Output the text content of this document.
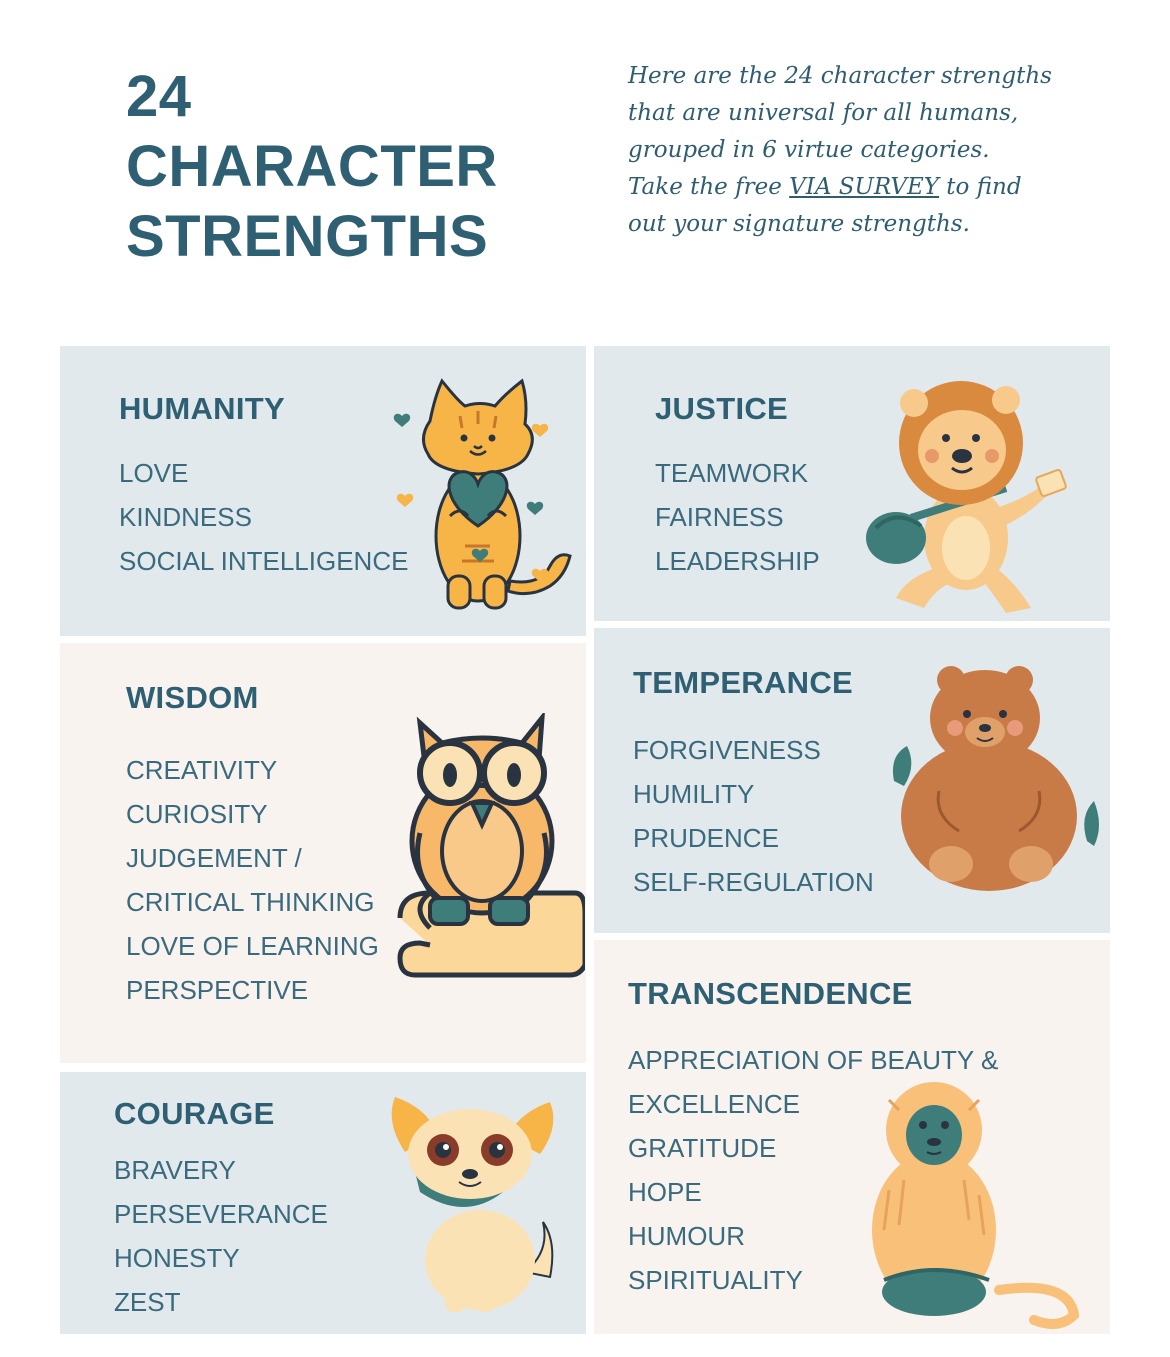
24
CHARACTER
STRENGTHS
Here are the 24 character strengths
that are universal for all humans,
grouped in 6 virtue categories.
Take the free VIA SURVEY to find
out your signature strengths.
HUMANITY
LOVE
KINDNESS
SOCIAL INTELLIGENCE
JUSTICE
TEAMWORK
FAIRNESS
LEADERSHIP
WISDOM
CREATIVITY
CURIOSITY
JUDGEMENT /
CRITICAL THINKING
LOVE OF LEARNING
PERSPECTIVE
TEMPERANCE
FORGIVENESS
HUMILITY
PRUDENCE
SELF-REGULATION
COURAGE
BRAVERY
PERSEVERANCE
HONESTY
ZEST
TRANSCENDENCE
APPRECIATION OF BEAUTY &
EXCELLENCE
GRATITUDE
HOPE
HUMOUR
SPIRITUALITY
